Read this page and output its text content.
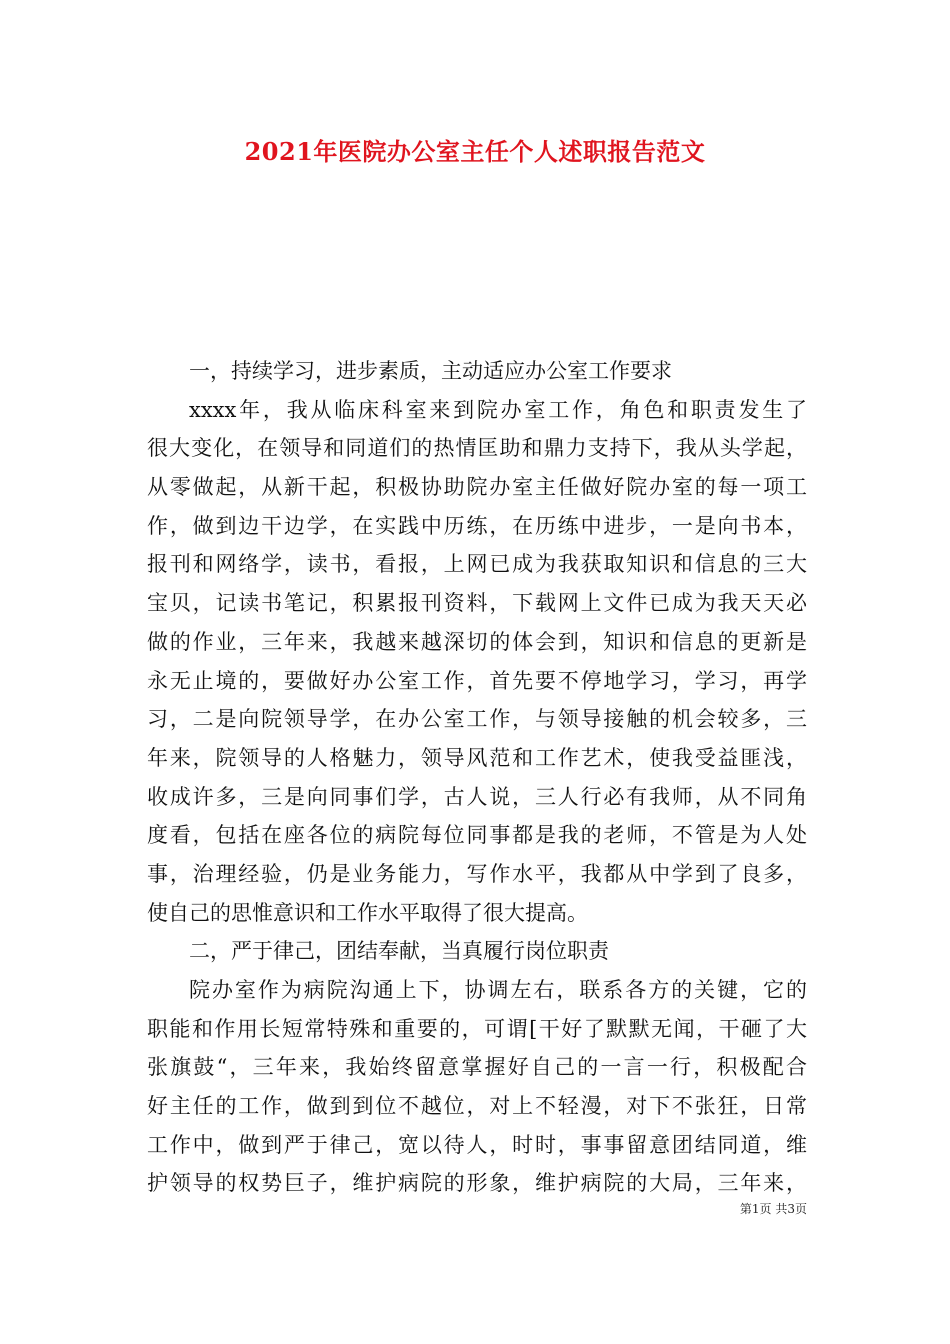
2021年医院办公室主任个人述职报告范文
一，持续学习，进步素质，主动适应办公室工作要求
xxxx年，我从临床科室来到院办室工作，角色和职责发生了
很大变化，在领导和同道们的热情匡助和鼎力支持下，我从头学起，
从零做起，从新干起，积极协助院办室主任做好院办室的每一项工
作，做到边干边学，在实践中历练，在历练中进步，一是向书本，
报刊和网络学，读书，看报，上网已成为我获取知识和信息的三大
宝贝，记读书笔记，积累报刊资料，下载网上文件已成为我天天必
做的作业，三年来，我越来越深切的体会到，知识和信息的更新是
永无止境的，要做好办公室工作，首先要不停地学习，学习，再学
习，二是向院领导学，在办公室工作，与领导接触的机会较多，三
年来，院领导的人格魅力，领导风范和工作艺术，使我受益匪浅，
收成许多，三是向同事们学，古人说，三人行必有我师，从不同角
度看，包括在座各位的病院每位同事都是我的老师，不管是为人处
事，治理经验，仍是业务能力，写作水平，我都从中学到了良多，
使自己的思惟意识和工作水平取得了很大提高。
二，严于律己，团结奉献，当真履行岗位职责
院办室作为病院沟通上下，协调左右，联系各方的关键，它的
职能和作用长短常特殊和重要的，可谓[干好了默默无闻，干砸了大
张旗鼓“，三年来，我始终留意掌握好自己的一言一行，积极配合
好主任的工作，做到到位不越位，对上不轻漫，对下不张狂，日常
工作中，做到严于律己，宽以待人，时时，事事留意团结同道，维
护领导的权势巨子，维护病院的形象，维护病院的大局，三年来，
第1页 共3页
